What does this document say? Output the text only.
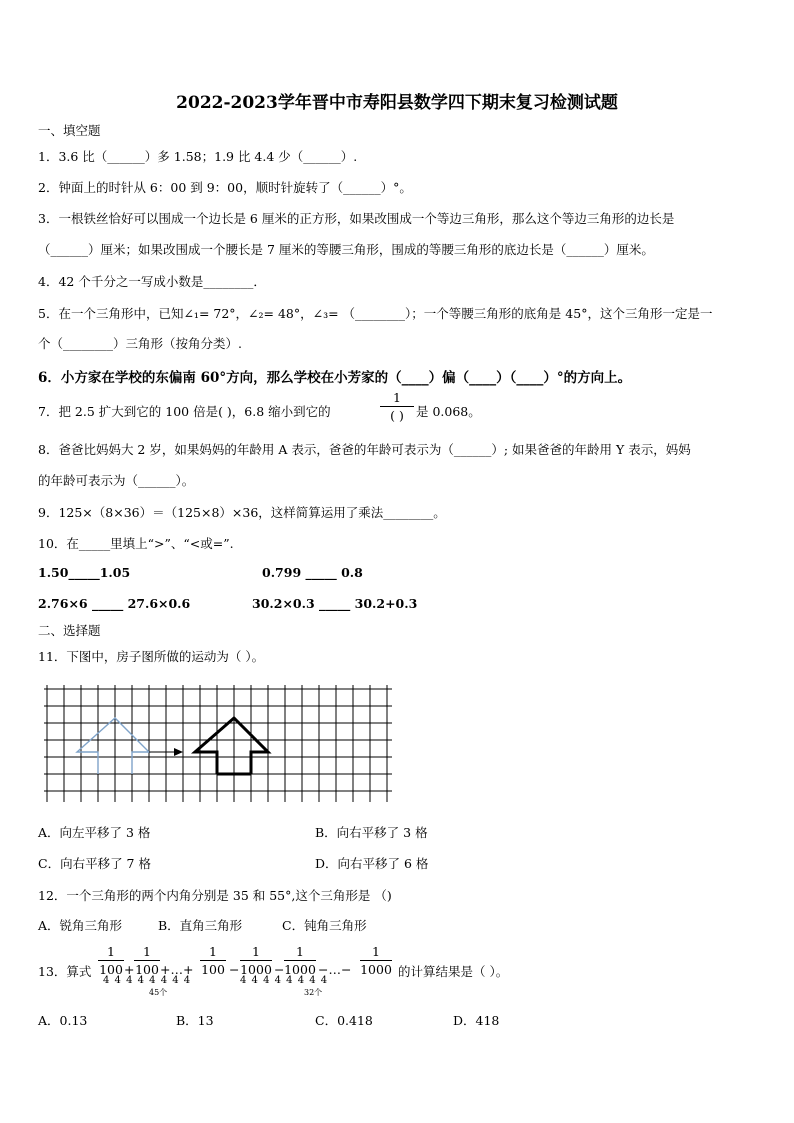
2022-2023学年晋中市寿阳县数学四下期末复习检测试题
一、填空题
1．3.6 比（______）多 1.58；1.9 比 4.4 少（______）.
2．钟面上的时针从 6：00 到 9：00，顺时针旋转了（______）°。
3．一根铁丝恰好可以围成一个边长是 6 厘米的正方形，如果改围成一个等边三角形，那么这个等边三角形的边长是
（______）厘米；如果改围成一个腰长是 7 厘米的等腰三角形，围成的等腰三角形的底边长是（______）厘米。
4．42 个千分之一写成小数是________．
5．在一个三角形中，已知∠₁= 72°，∠₂= 48°，∠₃= （________）；一个等腰三角形的底角是 45°，这个三角形一定是一
个（________）三角形（按角分类）.
6．小方家在学校的东偏南 60°方向，那么学校在小芳家的（____）偏（____）（____）°的方向上。
7．把 2.5 扩大到它的 100 倍是( )，6.8 缩小到它的
1
( ) 是 0.068。
8．爸爸比妈妈大 2 岁，如果妈妈的年龄用 A 表示，爸爸的年龄可表示为（______）; 如果爸爸的年龄用 Y 表示，妈妈
的年龄可表示为（______）。
9．125×（8×36）＝（125×8）×36，这样简算运用了乘法________。
10．在_____里填上“>”、“<或=”.
1.50_____1.05	0.799 _____ 0.8
2.76×6 _____ 27.6×0.6	30.2×0.3 _____ 30.2+0.3
二、选择题
11．下图中，房子图所做的运动为（ ）。
A．向左平移了 3 格	B．向右平移了 3 格
C．向右平移了 7 格	D．向右平移了 6 格
12．一个三角形的两个内角分别是 35 和 55°,这个三角形是 （)
A．锐角三角形	B．直角三角形	C．钝角三角形
13．算式
1
100 +
1
100 +…+
1
100 −
1
1000 −
1
1000 −…−
1
1000
4 4 4 4 4 4 4 4	4 4 4 4 4 4 4 4
45个	32个
的计算结果是（ ）。
A．0.13	B．13	C．0.418	D．418
